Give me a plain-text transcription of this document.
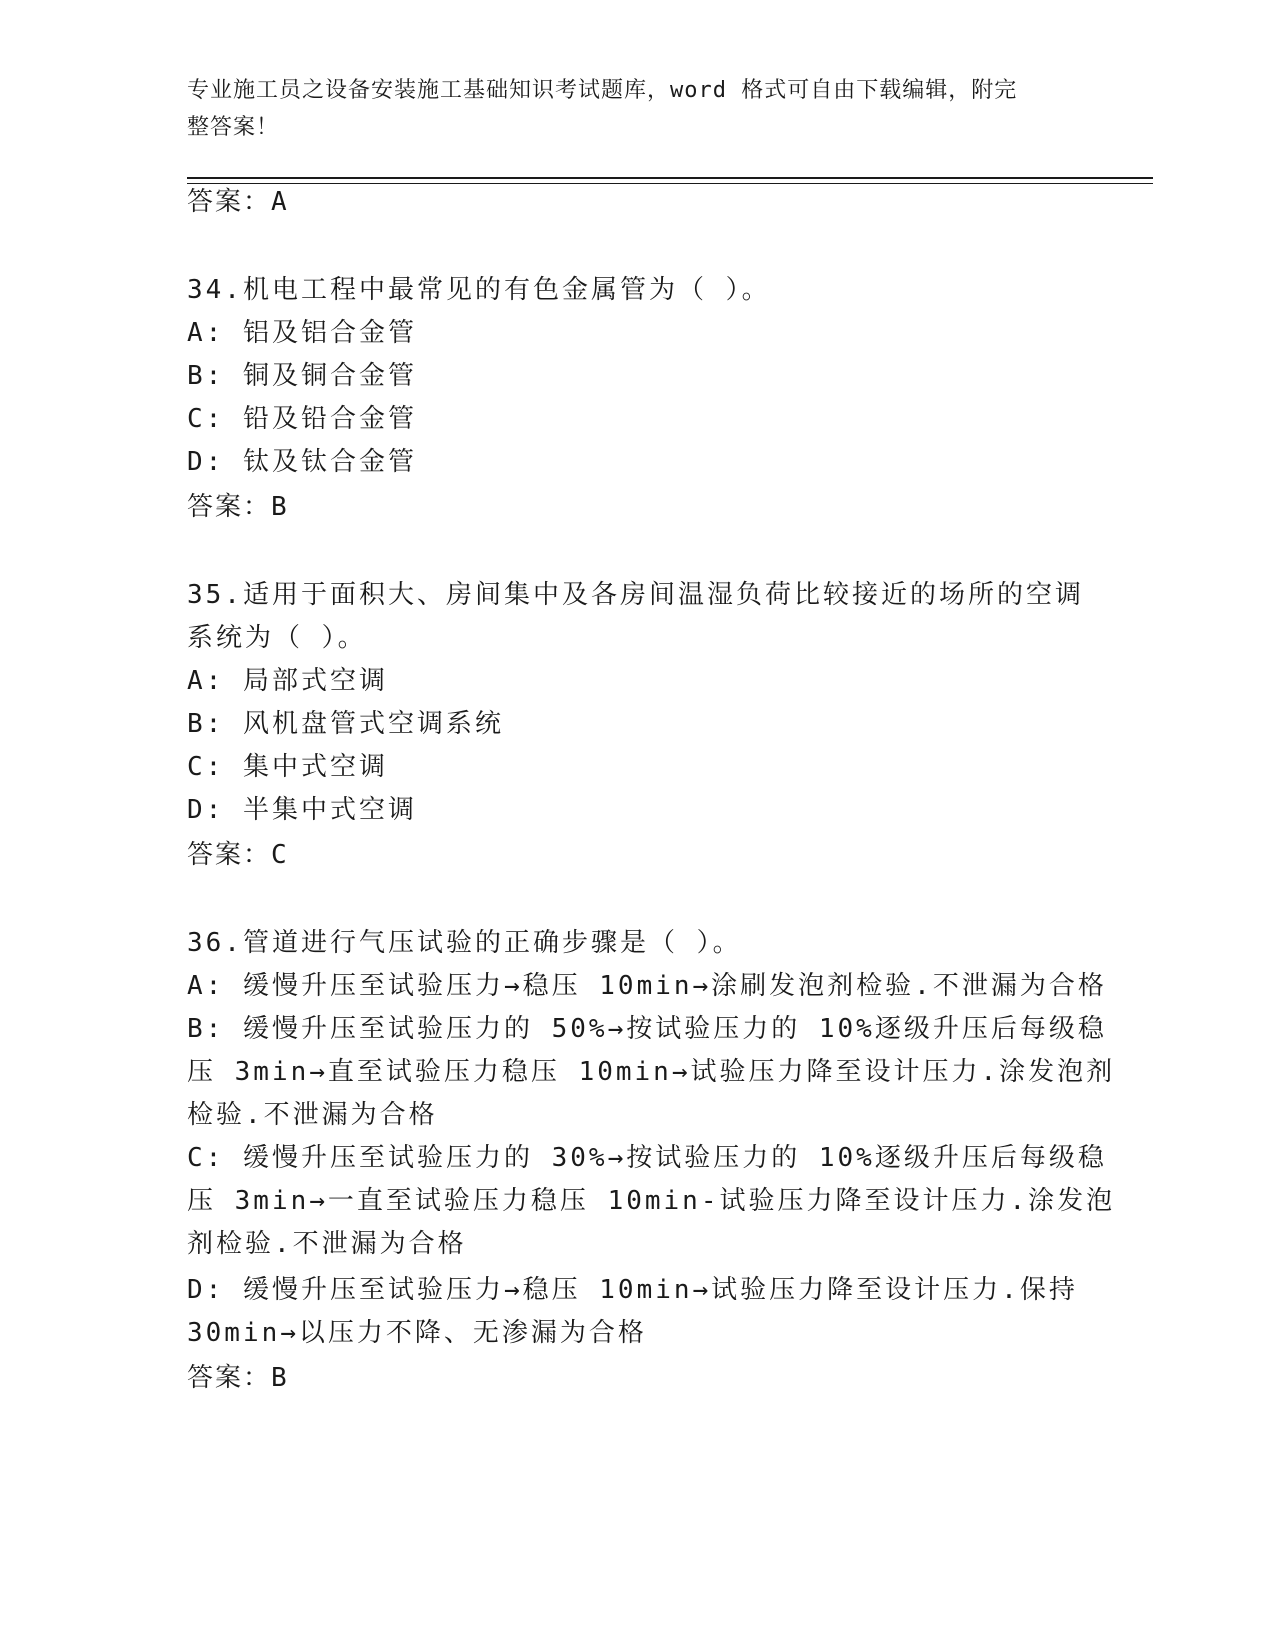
专业施工员之设备安装施工基础知识考试题库，word 格式可自由下载编辑，附完
整答案！
答案：A
34.机电工程中最常见的有色金属管为（ ）。
A: 铝及铝合金管
B: 铜及铜合金管
C: 铅及铅合金管
D: 钛及钛合金管
答案：B
35.适用于面积大、房间集中及各房间温湿负荷比较接近的场所的空调
系统为（ ）。
A: 局部式空调
B: 风机盘管式空调系统
C: 集中式空调
D: 半集中式空调
答案：C
36.管道进行气压试验的正确步骤是（ ）。
A: 缓慢升压至试验压力→稳压 10min→涂刷发泡剂检验.不泄漏为合格
B: 缓慢升压至试验压力的 50%→按试验压力的 10%逐级升压后每级稳
压 3min→直至试验压力稳压 10min→试验压力降至设计压力.涂发泡剂
检验.不泄漏为合格
C: 缓慢升压至试验压力的 30%→按试验压力的 10%逐级升压后每级稳
压 3min→一直至试验压力稳压 10min-试验压力降至设计压力.涂发泡
剂检验.不泄漏为合格
D: 缓慢升压至试验压力→稳压 10min→试验压力降至设计压力.保持
30min→以压力不降、无渗漏为合格
答案：B
